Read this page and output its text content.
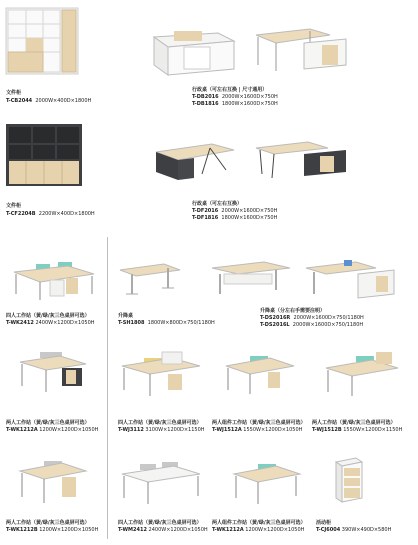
文件柜
T-CB2044 2000W×400D×1800H
行政桌（可左右互换 | 尺寸通用）
T-DB2016 2000W×1600D×750H
T-DB1816 1800W×1600D×750H
文件柜
T-CF2204B 2200W×400D×1800H
行政桌（可左右互换）
T-DF2016 2000W×1600D×750H
T-DF1816 1800W×1600D×750H
四人工作站（黄/绿/灰三色桌屏可选）
T-WK2412 2400W×1200D×1050H
升降桌
T-SH1808 1800W×800D×750/1180H
升降桌（分左右手需要注明）
T-DS2016R 2000W×1600D×750/1180H
T-DS2016L 2000W×1600D×750/1180H
两人工作站（黄/绿/灰三色桌屏可选）
T-WK1212A 1200W×1200D×1050H
四人工作站（黄/绿/灰三色桌屏可选）
T-WJ3112 3100W×1200D×1150H
两人组件工作站（黄/绿/灰三色桌屏可选）
T-WJ1512A 1550W×1200D×1050H
两人工作站（黄/绿/灰三色桌屏可选）
T-WJ1512B 1550W×1200D×1150H
两人工作站（黄/绿/灰三色桌屏可选）
T-WK1212B 1200W×1200D×1050H
四人工作站（黄/绿/灰三色桌屏可选）
T-WM2412 2400W×1200D×1050H
两人组件工作站（黄/绿/灰三色桌屏可选）
T-WK1212A 1200W×1200D×1050H
活动柜
T-CJ6004 390W×490D×580H
